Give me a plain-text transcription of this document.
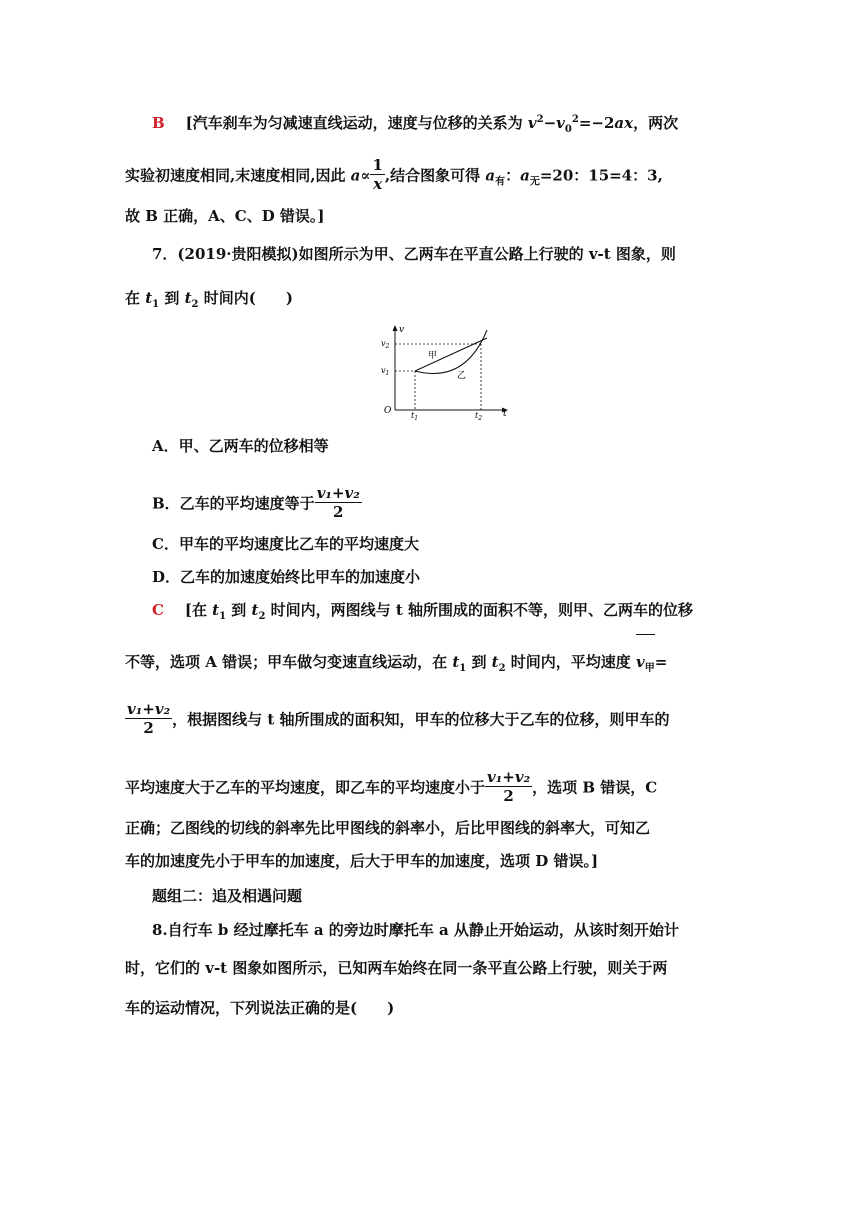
B [汽车刹车为匀减速直线运动，速度与位移的关系为 $v^2-v_0^2=-2ax$，两次
实验初速度相同,末速度相同,因此 $a\propto \frac{1}{x}$ ,结合图象可得 $a_有$：$a_无=20$：15=4：3,
故 B 正确，A、C、D 错误。]
7．(2019·贵阳模拟)如图所示为甲、乙两车在平直公路上行驶的 v-t 图象，则
在 $t_1$ 到 $t_2$ 时间内(　　)
v
t
O
$v_2$
$v_1$
$t_1$	$t_2$
甲
乙
A．甲、乙两车的位移相等
B．乙车的平均速度等于 $\frac{\text{v₁+v₂}}{2}$
C．甲车的平均速度比乙车的平均速度大
D．乙车的加速度始终比甲车的加速度小
C [在 $t_1$ 到 $t_2$ 时间内，两图线与 t 轴所围成的面积不等，则甲、乙两车的位移
不等，选项 A 错误；甲车做匀变速直线运动，在 $t_1$ 到 $t_2$ 时间内，平均速度 $v_甲=$
$\frac{\text{v₁+v₂}}{2}$ ，根据图线与 t 轴所围成的面积知，甲车的位移大于乙车的位移，则甲车的
平均速度大于乙车的平均速度，即乙车的平均速度小于 $\frac{\text{v₁+v₂}}{2}$ ，选项 B 错误，C
正确；乙图线的切线的斜率先比甲图线的斜率小，后比甲图线的斜率大，可知乙
车的加速度先小于甲车的加速度，后大于甲车的加速度，选项 D 错误。]
题组二：追及相遇问题
8.自行车 b 经过摩托车 a 的旁边时摩托车 a 从静止开始运动，从该时刻开始计
时，它们的 v-t 图象如图所示，已知两车始终在同一条平直公路上行驶，则关于两
车的运动情况，下列说法正确的是(　　)
